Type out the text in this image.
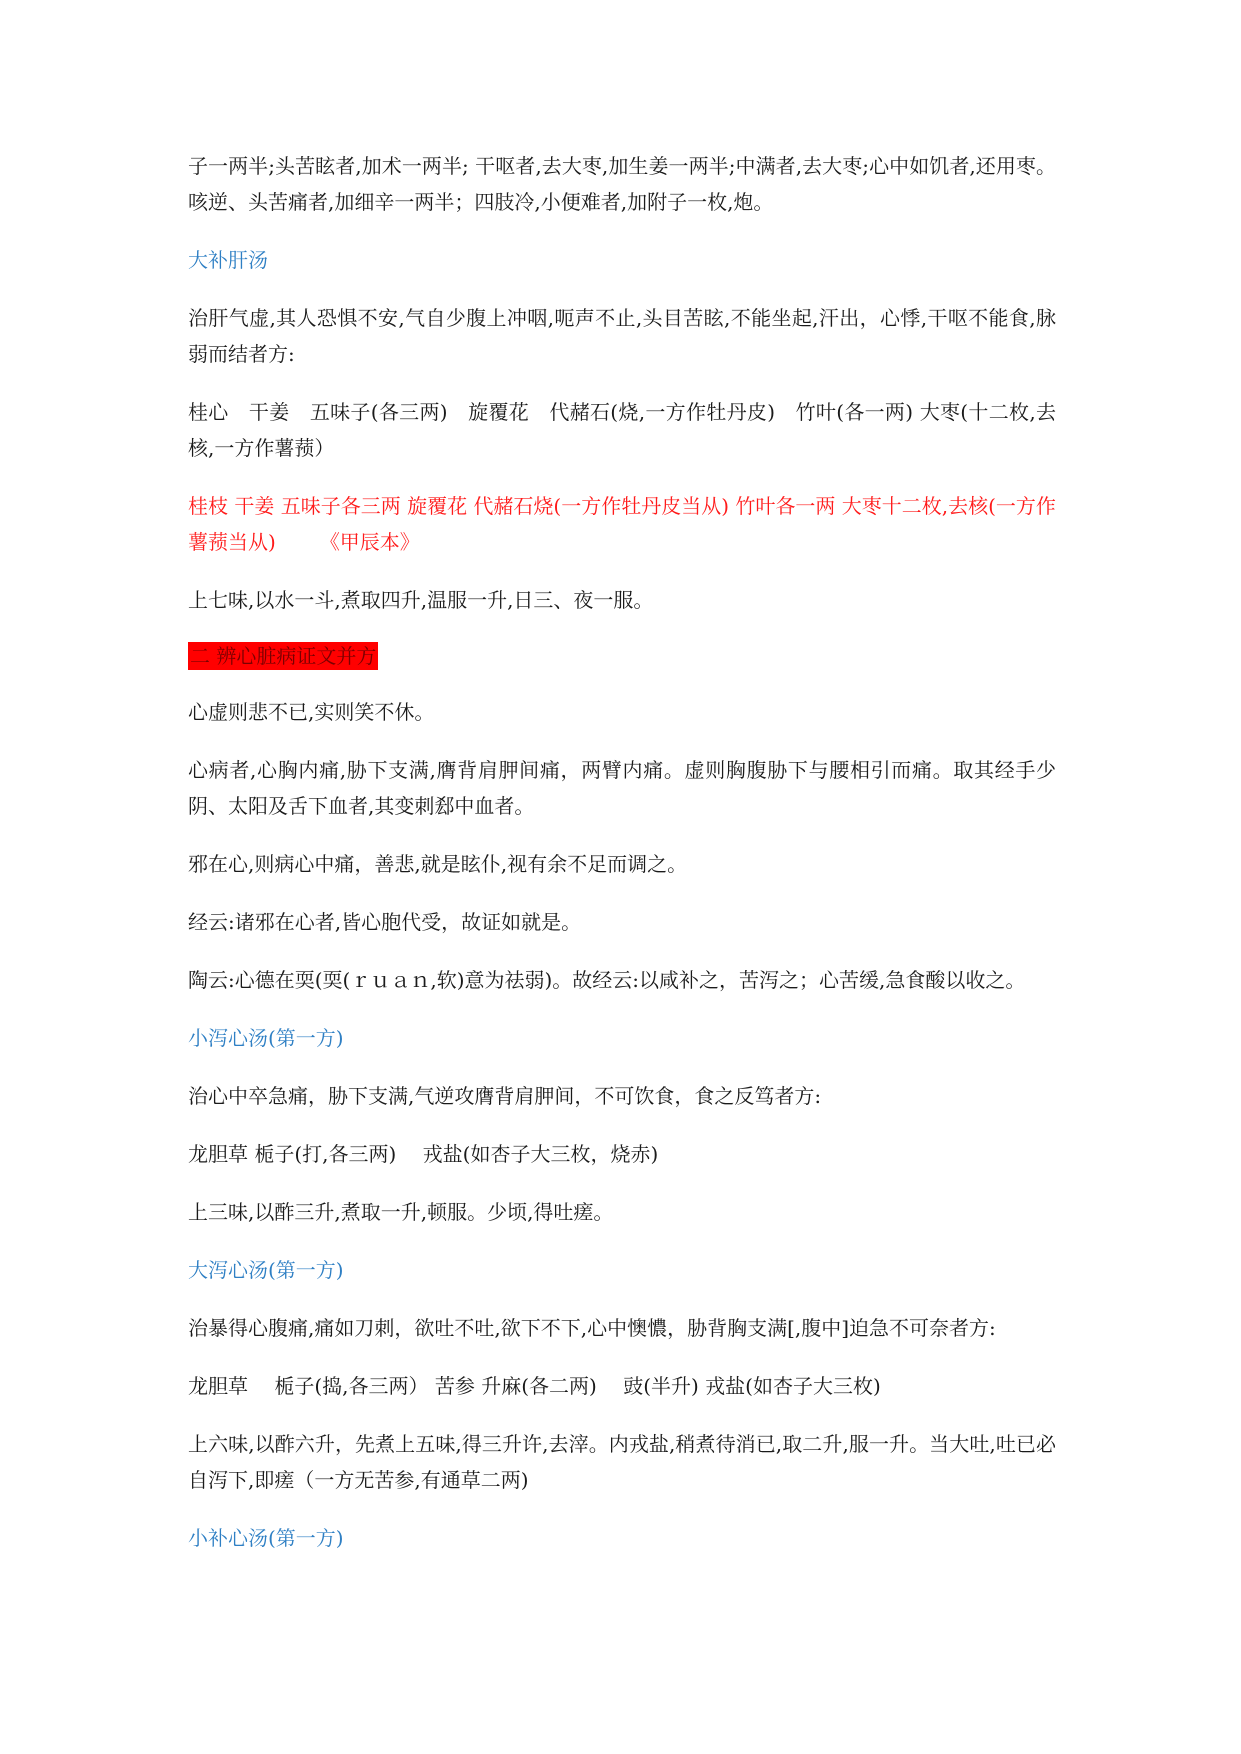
子一两半;头苦眩者,加术一两半; 干呕者,去大枣,加生姜一两半;中满者,去大枣;心中如饥者,还用枣。咳逆、头苦痛者,加细辛一两半；四肢冷,小便难者,加附子一枚,炮。

大补肝汤

治肝气虚,其人恐惧不安,气自少腹上冲咽,呃声不止,头目苦眩,不能坐起,汗出，心悸,干呕不能食,脉弱而结者方:

桂心　干姜　五味子(各三两)　旋覆花　代赭石(烧,一方作牡丹皮)　竹叶(各一两) 大枣(十二枚,去核,一方作薯蓣）

桂枝 干姜 五味子各三两 旋覆花 代赭石烧(一方作牡丹皮当从) 竹叶各一两 大枣十二枚,去核(一方作薯蓣当从) 《甲辰本》

上七味,以水一斗,煮取四升,温服一升,日三、夜一服。

二 辨心脏病证文并方

心虚则悲不已,实则笑不休。

心病者,心胸内痛,胁下支满,膺背肩胛间痛，两臂内痛。虚则胸腹胁下与腰相引而痛。取其经手少阴、太阳及舌下血者,其变刺郄中血者。

邪在心,则病心中痛，善悲,就是眩仆,视有余不足而调之。

经云:诸邪在心者,皆心胞代受，故证如就是。

陶云:心德在耎(耎(ｒｕａｎ,软)意为祛弱)。故经云:以咸补之，苦泻之；心苦缓,急食酸以收之。

小泻心汤(第一方)

治心中卒急痛，胁下支满,气逆攻膺背肩胛间，不可饮食，食之反笃者方:

龙胆草 栀子(打,各三两)　 戎盐(如杏子大三枚，烧赤)

上三味,以酢三升,煮取一升,顿服。少顷,得吐瘥。

大泻心汤(第一方)

治暴得心腹痛,痛如刀刺，欲吐不吐,欲下不下,心中懊憹，胁背胸支满[,腹中]迫急不可奈者方:

龙胆草　 栀子(捣,各三两） 苦参 升麻(各二两)　 豉(半升) 戎盐(如杏子大三枚)

上六味,以酢六升，先煮上五味,得三升许,去滓。内戎盐,稍煮待消已,取二升,服一升。当大吐,吐已必自泻下,即瘥（一方无苦参,有通草二两)

小补心汤(第一方)
